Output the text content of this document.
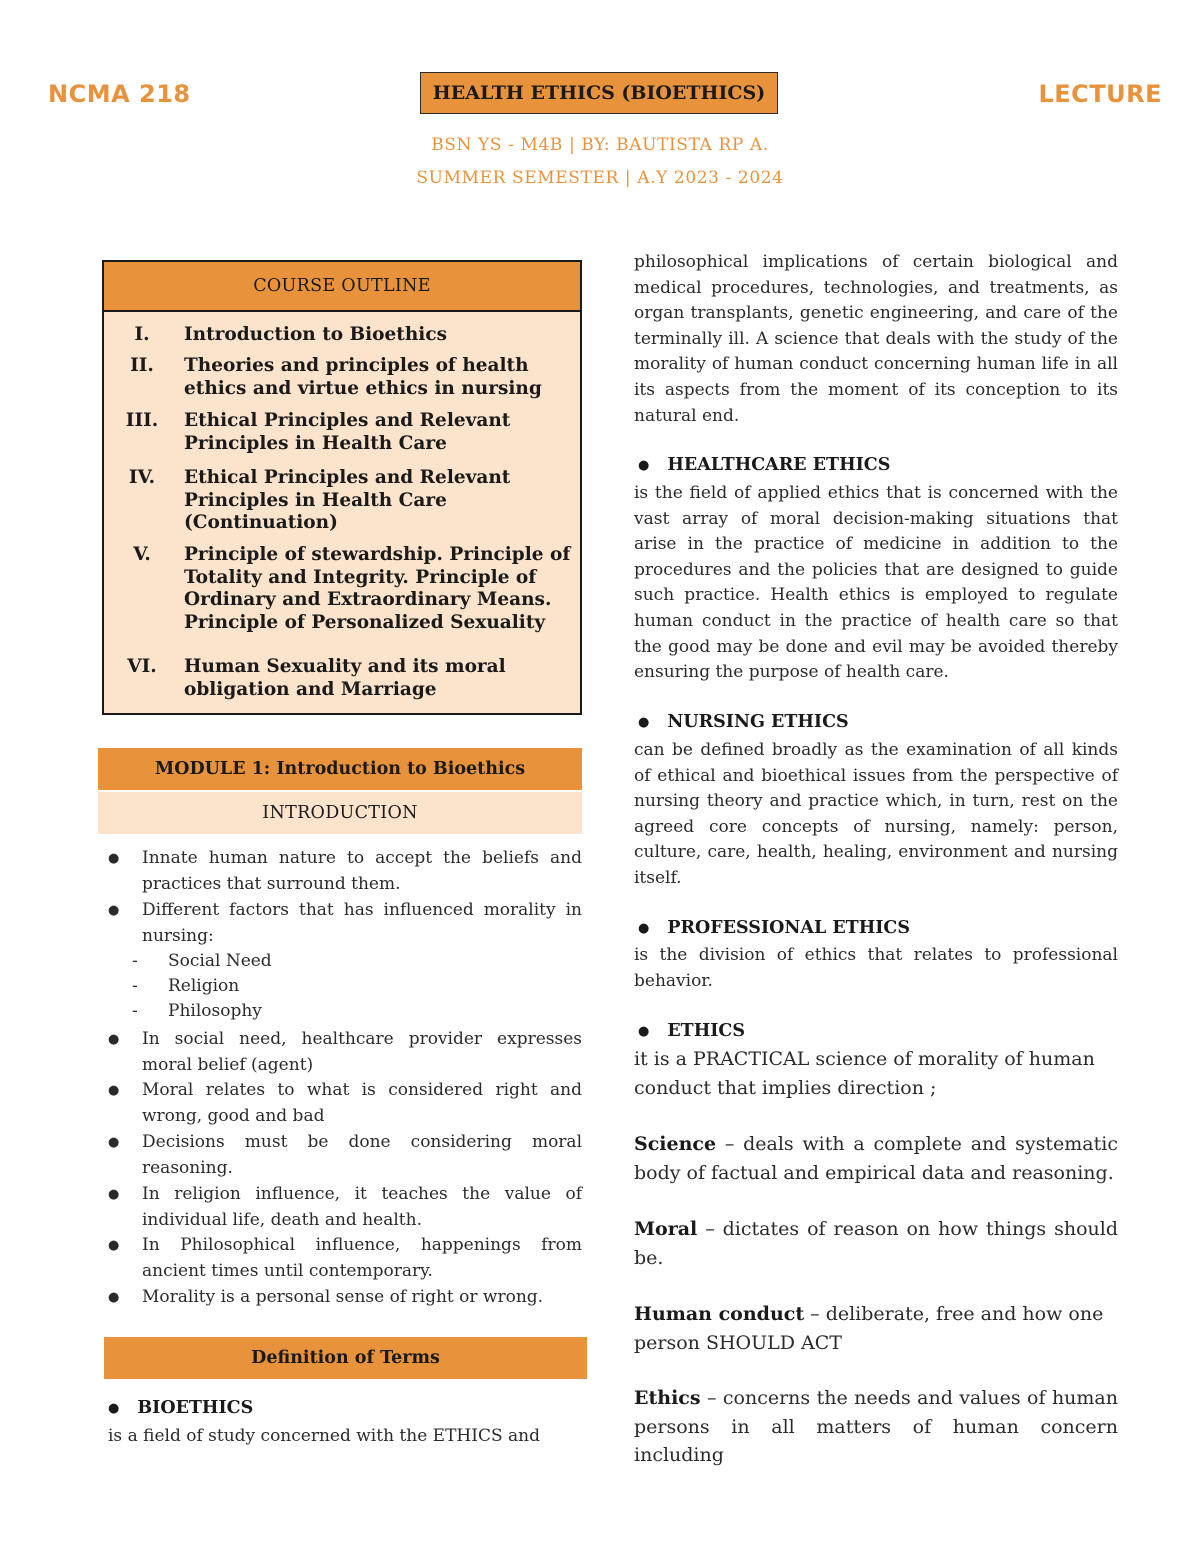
NCMA 218	HEALTH ETHICS (BIOETHICS)	LECTURE
BSN YS - M4B | BY: BAUTISTA RP A.
SUMMER SEMESTER | A.Y 2023 - 2024
COURSE OUTLINE
I.	Introduction to Bioethics
II.	Theories and principles of health
ethics and virtue ethics in nursing
III.	Ethical Principles and Relevant
Principles in Health Care
IV.	Ethical Principles and Relevant
Principles in Health Care
(Continuation)
V.	Principle of stewardship. Principle of
Totality and Integrity. Principle of
Ordinary and Extraordinary Means.
Principle of Personalized Sexuality
VI.	Human Sexuality and its moral
obligation and Marriage
MODULE 1: Introduction to Bioethics
INTRODUCTION
● Innate human nature to accept the beliefs and practices that surround them.
● Different factors that has influenced morality in nursing:
- Social Need
- Religion
- Philosophy
● In social need, healthcare provider expresses moral belief (agent)
● Moral relates to what is considered right and wrong, good and bad
● Decisions must be done considering moral reasoning.
● In religion influence, it teaches the value of individual life, death and health.
● In Philosophical influence, happenings from ancient times until contemporary.
● Morality is a personal sense of right or wrong.
Definition of Terms
● BIOETHICS
is a field of study concerned with the ETHICS and
philosophical implications of certain biological and medical procedures, technologies, and treatments, as organ transplants, genetic engineering, and care of the terminally ill. A science that deals with the study of the morality of human conduct concerning human life in all its aspects from the moment of its conception to its natural end.
● HEALTHCARE ETHICS
is the field of applied ethics that is concerned with the vast array of moral decision-making situations that arise in the practice of medicine in addition to the procedures and the policies that are designed to guide such practice. Health ethics is employed to regulate human conduct in the practice of health care so that the good may be done and evil may be avoided thereby ensuring the purpose of health care.
● NURSING ETHICS
can be defined broadly as the examination of all kinds of ethical and bioethical issues from the perspective of nursing theory and practice which, in turn, rest on the agreed core concepts of nursing, namely: person, culture, care, health, healing, environment and nursing itself.
● PROFESSIONAL ETHICS
is the division of ethics that relates to professional behavior.
● ETHICS
it is a PRACTICAL science of morality of human conduct that implies direction ;
Science – deals with a complete and systematic body of factual and empirical data and reasoning.
Moral – dictates of reason on how things should be.
Human conduct – deliberate, free and how one person SHOULD ACT
Ethics – concerns the needs and values of human persons in all matters of human concern including
